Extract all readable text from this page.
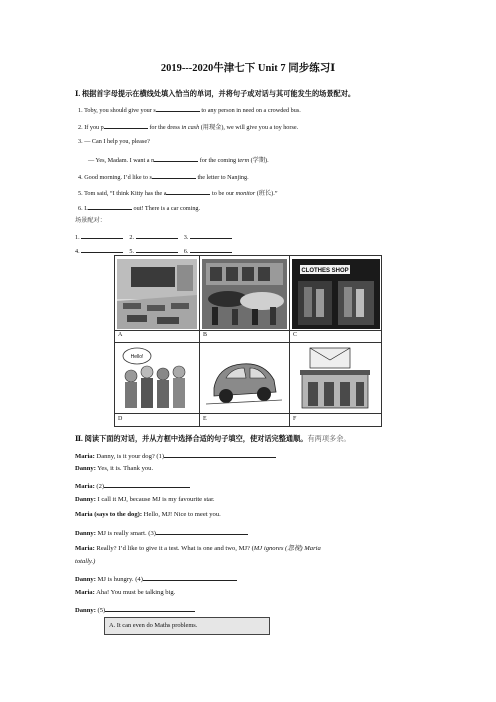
2019---2020牛津七下 Unit 7 同步练习Ⅰ
Ⅰ. 根据首字母提示在横线处填入恰当的单词，并将句子或对话与其可能发生的场景配对。
1. Toby, you should give your s	to any person in need on a crowded bus.
2. If you p	for the dress in cash (用现金), we will give you a toy horse.
3. — Can I help you, please?
— Yes, Madam. I want a n	for the coming term (学期).
4. Good morning. I’d like to s	the letter to Nanjing.
5. Tom said, “I think Kitty has the a	to be our monitor (班长).”
6. L	out! There is a car coming.
场景配对：
1.	2.	3.
4.	5.	6.
CLOTHES SHOP
A	B	C
Hello!
D	E	F
Ⅱ. 阅读下面的对话，并从方框中选择合适的句子填空，使对话完整通顺。有两项多余。
Maria: Danny, is it your dog? (1)
Danny: Yes, it is. Thank you.
Maria: (2)
Danny: I call it MJ, because MJ is my favourite star.
Maria (says to the dog): Hello, MJ! Nice to meet you.
Danny: MJ is really smart. (3)
Maria: Really? I’d like to give it a test. What is one and two, MJ? (MJ ignores (忽视) Maria
totally.)
Danny: MJ is hungry. (4)
Maria: Aha! You must be talking big.
Danny: (5)
A. It can even do Maths problems.
